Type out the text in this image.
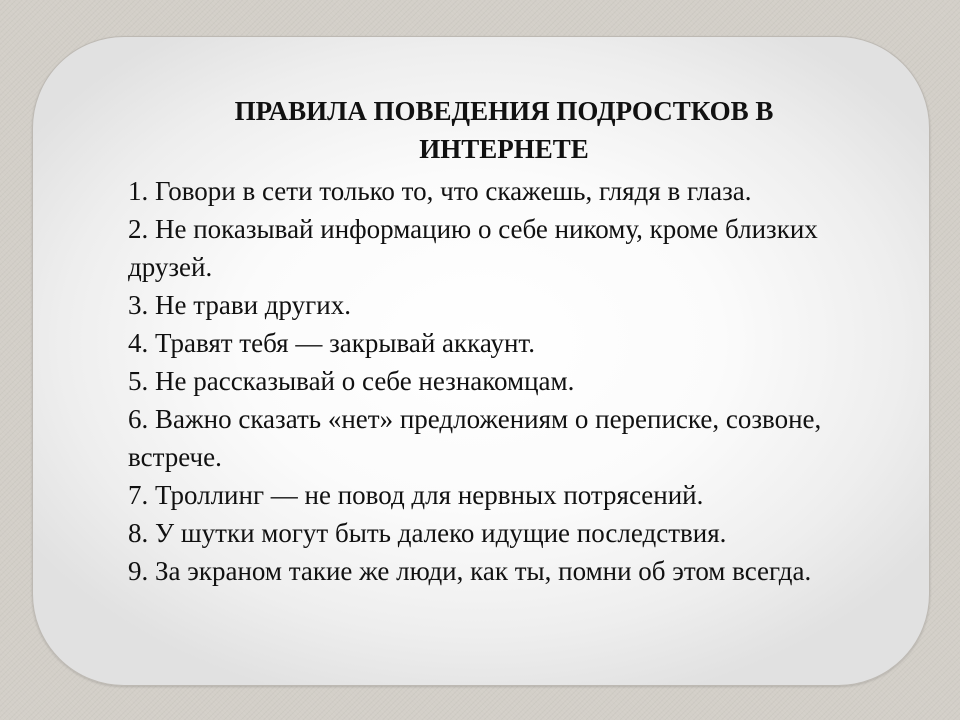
ПРАВИЛА ПОВЕДЕНИЯ ПОДРОСТКОВ В
ИНТЕРНЕТЕ
1. Говори в сети только то, что скажешь, глядя в глаза.
2. Не показывай информацию о себе никому, кроме близких друзей.
3. Не трави других.
4. Травят тебя — закрывай аккаунт.
5. Не рассказывай о себе незнакомцам.
6. Важно сказать «нет» предложениям о переписке, созвоне, встрече.
7. Троллинг — не повод для нервных потрясений.
8. У шутки могут быть далеко идущие последствия.
9. За экраном такие же люди, как ты, помни об этом всегда.
